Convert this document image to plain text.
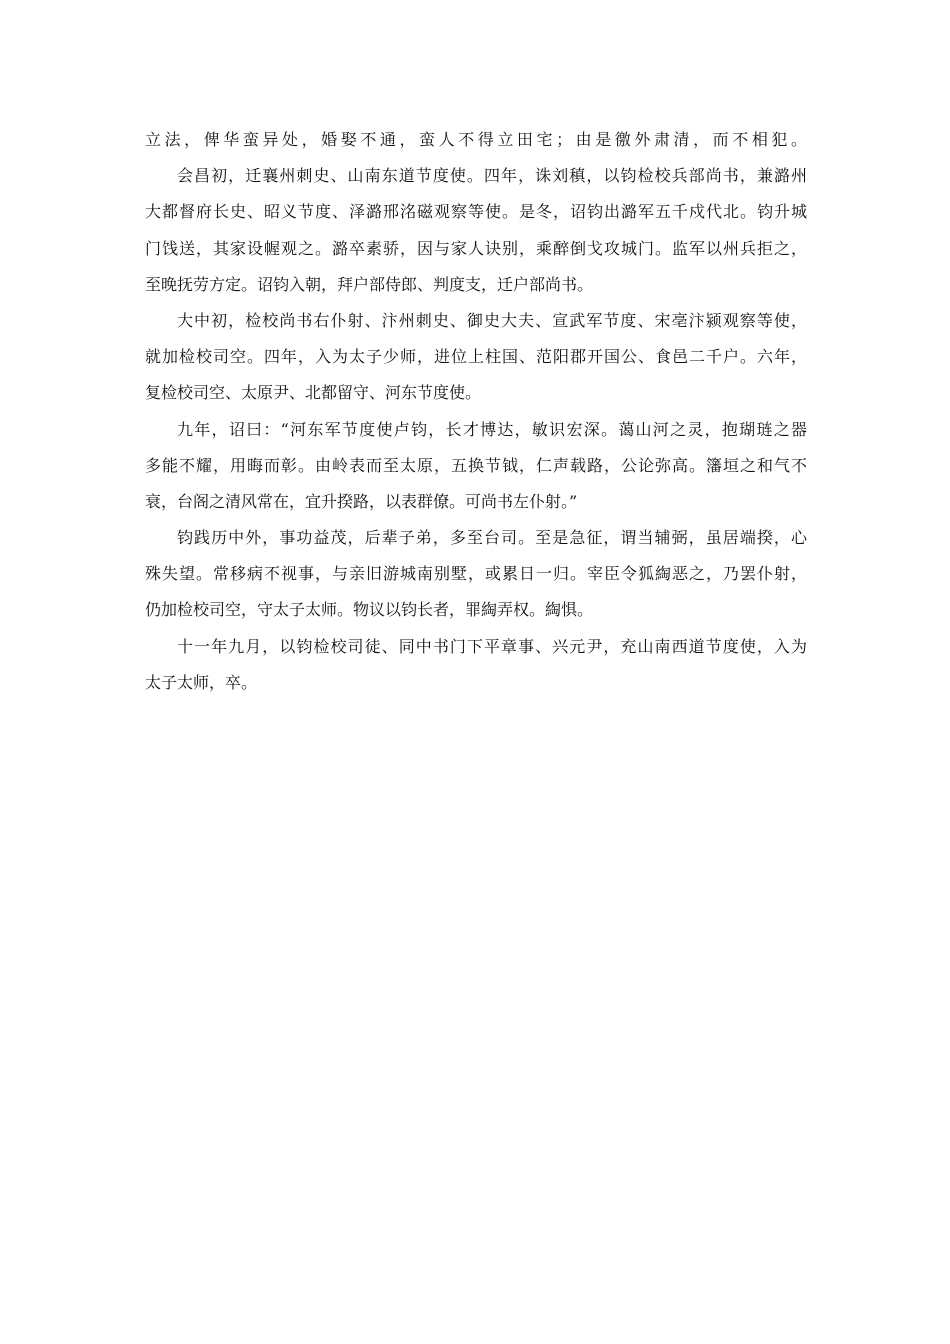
立法，俾华蛮异处，婚娶不通，蛮人不得立田宅；由是徼外肃清，而不相犯。
会昌初，迁襄州刺史、山南东道节度使。四年，诛刘稹，以钧检校兵部尚书，兼潞州
大都督府长史、昭义节度、泽潞邢洺磁观察等使。是冬，诏钧出潞军五千戍代北。钧升城
门饯送，其家设幄观之。潞卒素骄，因与家人诀别，乘醉倒戈攻城门。监军以州兵拒之，
至晚抚劳方定。诏钧入朝，拜户部侍郎、判度支，迁户部尚书。
大中初，检校尚书右仆射、汴州刺史、御史大夫、宣武军节度、宋亳汴颍观察等使，
就加检校司空。四年，入为太子少师，进位上柱国、范阳郡开国公、食邑二千户。六年，
复检校司空、太原尹、北都留守、河东节度使。
九年，诏曰：“河东军节度使卢钧，长才博达，敏识宏深。蔼山河之灵，抱瑚琏之器
多能不耀，用晦而彰。由岭表而至太原，五换节钺，仁声载路，公论弥高。籓垣之和气不
衰，台阁之清风常在，宜升揆路，以表群僚。可尚书左仆射。”
钧践历中外，事功益茂，后辈子弟，多至台司。至是急征，谓当辅弼，虽居端揆，心
殊失望。常移病不视事，与亲旧游城南别墅，或累日一归。宰臣令狐綯恶之，乃罢仆射，
仍加检校司空，守太子太师。物议以钧长者，罪綯弄权。綯惧。
十一年九月，以钧检校司徒、同中书门下平章事、兴元尹，充山南西道节度使，入为
太子太师，卒。
